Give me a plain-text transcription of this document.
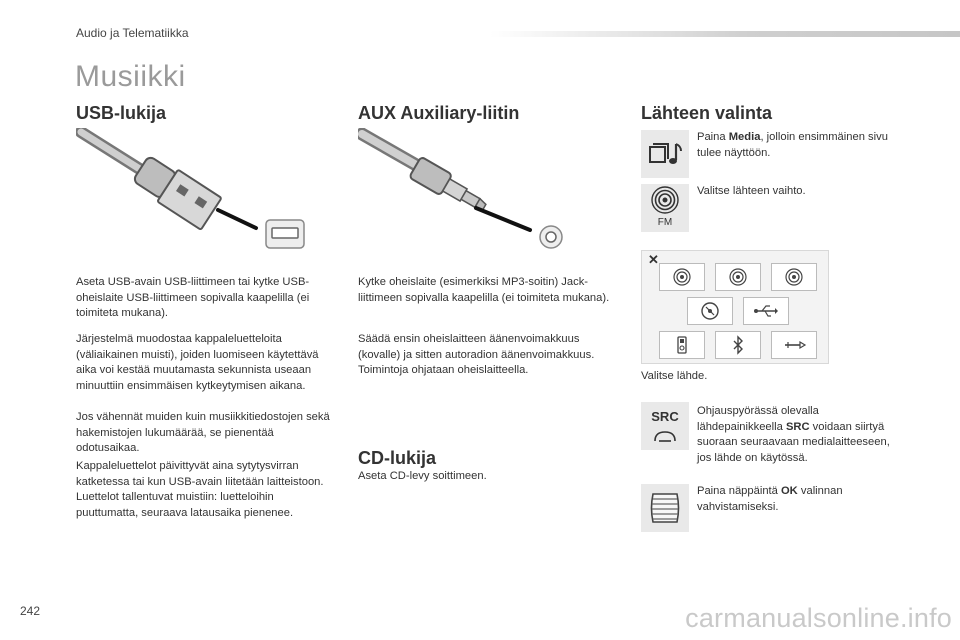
Audio ja Telematiikka
Musiikki
USB-lukija

Aseta USB-avain USB-liittimeen tai kytke USB-oheislaite USB-liittimeen sopivalla kaapelilla (ei toimiteta mukana).

Järjestelmä muodostaa kappaleluetteloita (väliaikainen muisti), joiden luomiseen käytettävä aika voi kestää muutamasta sekunnista useaan minuuttiin ensimmäisen kytkeytymisen aikana.

Jos vähennät muiden kuin musiikkitiedostojen sekä hakemistojen lukumäärää, se pienentää odotusaikaa.

Kappaleluettelot päivittyvät aina sytytysvirran katketessa tai kun USB-avain liitetään laitteistoon. Luettelot tallentuvat muistiin: luetteloihin puuttumatta, seuraava latausaika pienenee.

AUX Auxiliary-liitin

Kytke oheislaite (esimerkiksi MP3-soitin) Jack-liittimeen sopivalla kaapelilla (ei toimiteta mukana).

Säädä ensin oheislaitteen äänenvoimakkuus (kovalle) ja sitten autoradion äänenvoimakkuus. Toimintoja ohjataan oheislaitteella.

CD-lukija

Aseta CD-levy soittimeen.

Lähteen valinta

Paina Media, jolloin ensimmäinen sivu tulee näyttöön.

FM

Valitse lähteen vaihto.

✕

Valitse lähde.

SRC	Ohjauspyörässä olevalla lähdepainikkeella SRC voidaan siirtyä suoraan seuraavaan medialaitteeseen, jos lähde on käytössä.

Paina näppäintä OK valinnan vahvistamiseksi.

242	carmanualsonline.info
